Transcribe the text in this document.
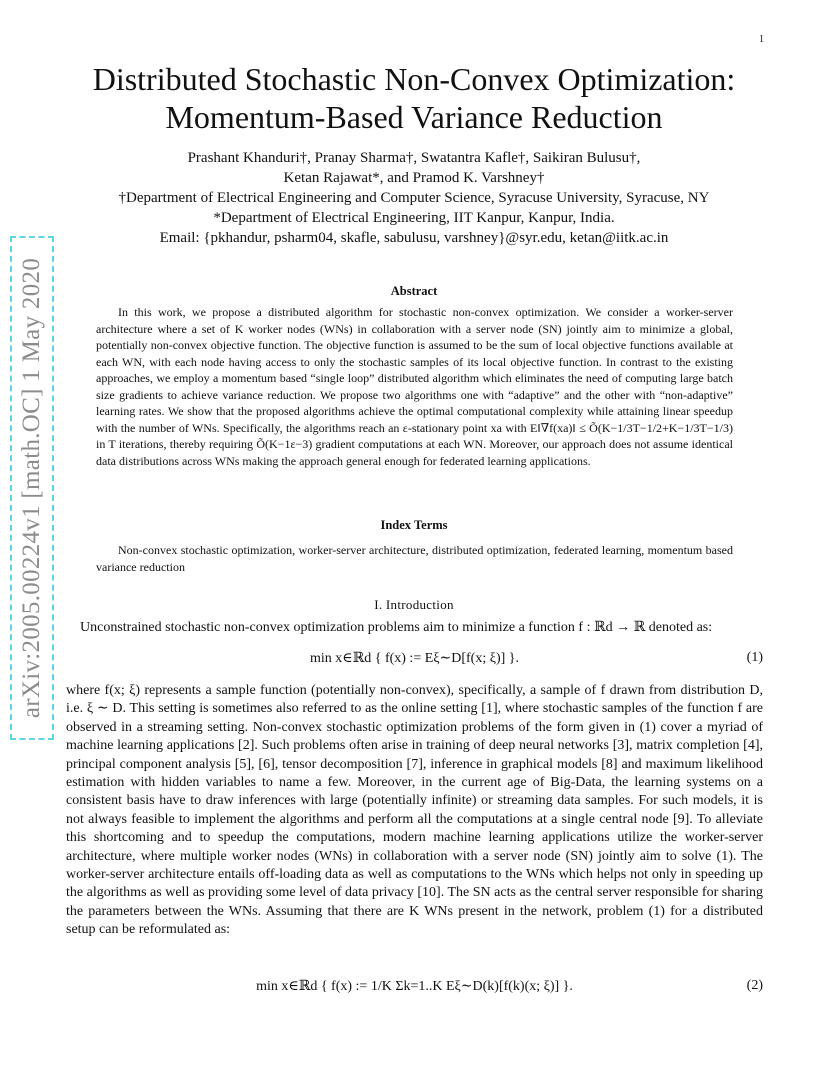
1
arXiv:2005.00224v1 [math.OC] 1 May 2020
Distributed Stochastic Non-Convex Optimization:
Momentum-Based Variance Reduction
Prashant Khanduri†, Pranay Sharma†, Swatantra Kafle†, Saikiran Bulusu†,
Ketan Rajawat*, and Pramod K. Varshney†
†Department of Electrical Engineering and Computer Science, Syracuse University, Syracuse, NY
*Department of Electrical Engineering, IIT Kanpur, Kanpur, India.
Email: {pkhandur, psharm04, skafle, sabulusu, varshney}@syr.edu, ketan@iitk.ac.in
Abstract
In this work, we propose a distributed algorithm for stochastic non-convex optimization. We consider a worker-server architecture where a set of K worker nodes (WNs) in collaboration with a server node (SN) jointly aim to minimize a global, potentially non-convex objective function. The objective function is assumed to be the sum of local objective functions available at each WN, with each node having access to only the stochastic samples of its local objective function. In contrast to the existing approaches, we employ a momentum based “single loop” distributed algorithm which eliminates the need of computing large batch size gradients to achieve variance reduction. We propose two algorithms one with “adaptive” and the other with “non-adaptive” learning rates. We show that the proposed algorithms achieve the optimal computational complexity while attaining linear speedup with the number of WNs. Specifically, the algorithms reach an ε-stationary point xa with E‖∇f(xa)‖ ≤ Õ(K−1/3T−1/2+K−1/3T−1/3) in T iterations, thereby requiring Õ(K−1ε−3) gradient computations at each WN. Moreover, our approach does not assume identical data distributions across WNs making the approach general enough for federated learning applications.
Index Terms
Non-convex stochastic optimization, worker-server architecture, distributed optimization, federated learning, momentum based variance reduction
I. Introduction
Unconstrained stochastic non-convex optimization problems aim to minimize a function f : ℝd → ℝ denoted as:
min x∈ℝd { f(x) := Eξ∼D[f(x; ξ)] }.	(1)
where f(x; ξ) represents a sample function (potentially non-convex), specifically, a sample of f drawn from distribution D, i.e. ξ ∼ D. This setting is sometimes also referred to as the online setting [1], where stochastic samples of the function f are observed in a streaming setting. Non-convex stochastic optimization problems of the form given in (1) cover a myriad of machine learning applications [2]. Such problems often arise in training of deep neural networks [3], matrix completion [4], principal component analysis [5], [6], tensor decomposition [7], inference in graphical models [8] and maximum likelihood estimation with hidden variables to name a few. Moreover, in the current age of Big-Data, the learning systems on a consistent basis have to draw inferences with large (potentially infinite) or streaming data samples. For such models, it is not always feasible to implement the algorithms and perform all the computations at a single central node [9]. To alleviate this shortcoming and to speedup the computations, modern machine learning applications utilize the worker-server architecture, where multiple worker nodes (WNs) in collaboration with a server node (SN) jointly aim to solve (1). The worker-server architecture entails off-loading data as well as computations to the WNs which helps not only in speeding up the algorithms as well as providing some level of data privacy [10]. The SN acts as the central server responsible for sharing the parameters between the WNs. Assuming that there are K WNs present in the network, problem (1) for a distributed setup can be reformulated as:
min x∈ℝd { f(x) := 1/K Σk=1..K Eξ∼D(k)[f(k)(x; ξ)] }.	(2)
